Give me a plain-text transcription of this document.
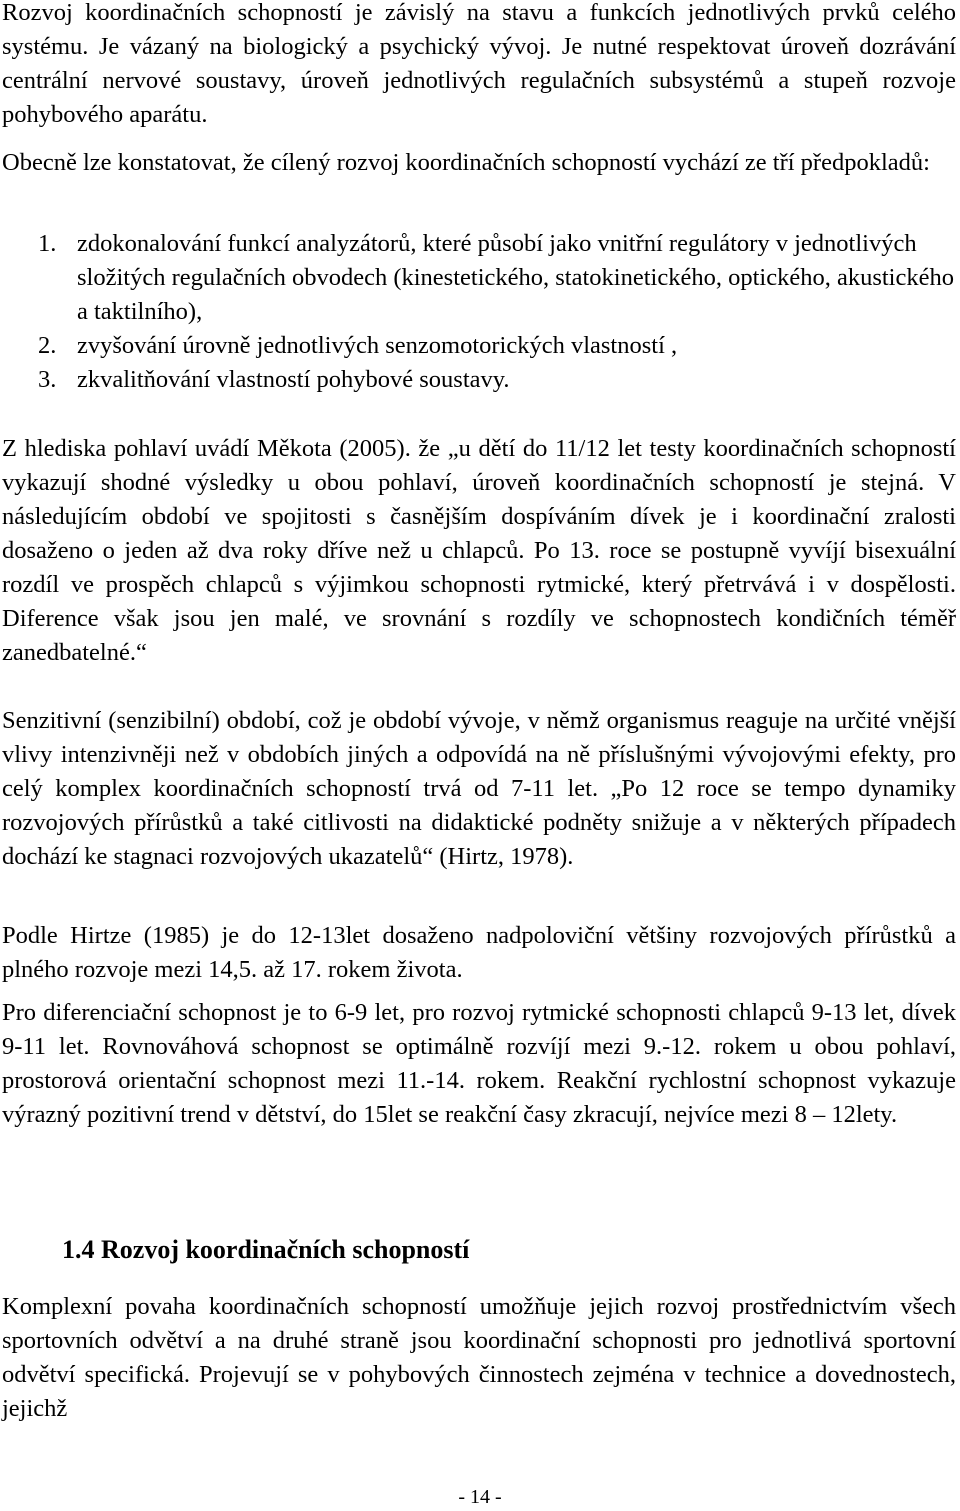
Rozvoj koordinačních schopností je závislý na stavu a funkcích jednotlivých prvků celého systému. Je vázaný na biologický a psychický vývoj. Je nutné respektovat úroveň dozrávání centrální nervové soustavy, úroveň jednotlivých regulačních subsystémů a stupeň rozvoje pohybového aparátu.

Obecně lze konstatovat, že cílený rozvoj koordinačních schopností vychází ze tří předpokladů:

1. zdokonalování funkcí analyzátorů, které působí jako vnitřní regulátory v jednotlivých složitých regulačních obvodech (kinestetického, statokinetického, optického, akustického a taktilního),
2. zvyšování úrovně jednotlivých senzomotorických vlastností ,
3. zkvalitňování vlastností pohybové soustavy.

Z hlediska pohlaví uvádí Měkota (2005). že „u dětí do 11/12 let testy koordinačních schopností vykazují shodné výsledky u obou pohlaví, úroveň koordinačních schopností je stejná. V následujícím období ve spojitosti s časnějším dospíváním dívek je i koordinační zralosti dosaženo o jeden až dva roky dříve než u chlapců. Po 13. roce se postupně vyvíjí bisexuální rozdíl ve prospěch chlapců s výjimkou schopnosti rytmické, který přetrvává i v dospělosti. Diference však jsou jen malé, ve srovnání s rozdíly ve schopnostech kondičních téměř zanedbatelné.“

Senzitivní (senzibilní) období, což je období vývoje, v němž organismus reaguje na určité vnější vlivy intenzivněji než v obdobích jiných a odpovídá na ně příslušnými vývojovými efekty, pro celý komplex koordinačních schopností trvá od 7-11 let. „Po 12 roce se tempo dynamiky rozvojových přírůstků a také citlivosti na didaktické podněty snižuje a v některých případech dochází ke stagnaci rozvojových ukazatelů“ (Hirtz, 1978).

Podle Hirtze (1985) je do 12-13let dosaženo nadpoloviční většiny rozvojových přírůstků a plného rozvoje mezi 14,5. až 17. rokem života.

Pro diferenciační schopnost je to 6-9 let, pro rozvoj rytmické schopnosti chlapců 9-13 let, dívek 9-11 let. Rovnováhová schopnost se optimálně rozvíjí mezi 9.-12. rokem u obou pohlaví, prostorová orientační schopnost mezi 11.-14. rokem. Reakční rychlostní schopnost vykazuje výrazný pozitivní trend v dětství, do 15let se reakční časy zkracují, nejvíce mezi 8 – 12lety.

1.4 Rozvoj koordinačních schopností

Komplexní povaha koordinačních schopností umožňuje jejich rozvoj prostřednictvím všech sportovních odvětví a na druhé straně jsou koordinační schopnosti pro jednotlivá sportovní odvětví specifická. Projevují se v pohybových činnostech zejména v technice a dovednostech, jejichž

- 14 -
